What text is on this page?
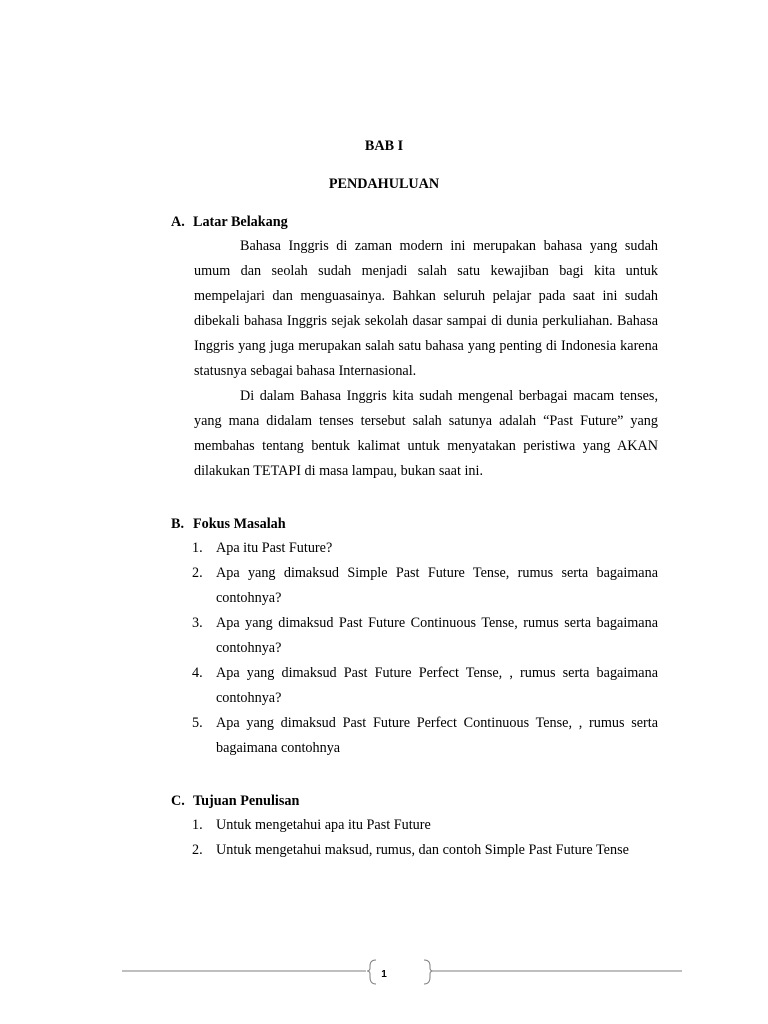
BAB I
PENDAHULUAN
A. Latar Belakang

Bahasa Inggris di zaman modern ini merupakan bahasa yang sudah umum dan seolah sudah menjadi salah satu kewajiban bagi kita untuk mempelajari dan menguasainya. Bahkan seluruh pelajar pada saat ini sudah dibekali bahasa Inggris sejak sekolah dasar sampai di dunia perkuliahan. Bahasa Inggris yang juga merupakan salah satu bahasa yang penting di Indonesia karena statusnya sebagai bahasa Internasional.

Di dalam Bahasa Inggris kita sudah mengenal berbagai macam tenses, yang mana didalam tenses tersebut salah satunya adalah “Past Future” yang membahas tentang bentuk kalimat untuk menyatakan peristiwa yang AKAN dilakukan TETAPI di masa lampau, bukan saat ini.

B. Fokus Masalah
1. Apa itu Past Future?
2. Apa yang dimaksud Simple Past Future Tense, rumus serta bagaimana contohnya?
3. Apa yang dimaksud Past Future Continuous Tense, rumus serta bagaimana contohnya?
4. Apa yang dimaksud Past Future Perfect Tense, , rumus serta bagaimana contohnya?
5. Apa yang dimaksud Past Future Perfect Continuous Tense, , rumus serta bagaimana contohnya
C. Tujuan Penulisan
1. Untuk mengetahui apa itu Past Future
2. Untuk mengetahui maksud, rumus, dan contoh Simple Past Future Tense
1
